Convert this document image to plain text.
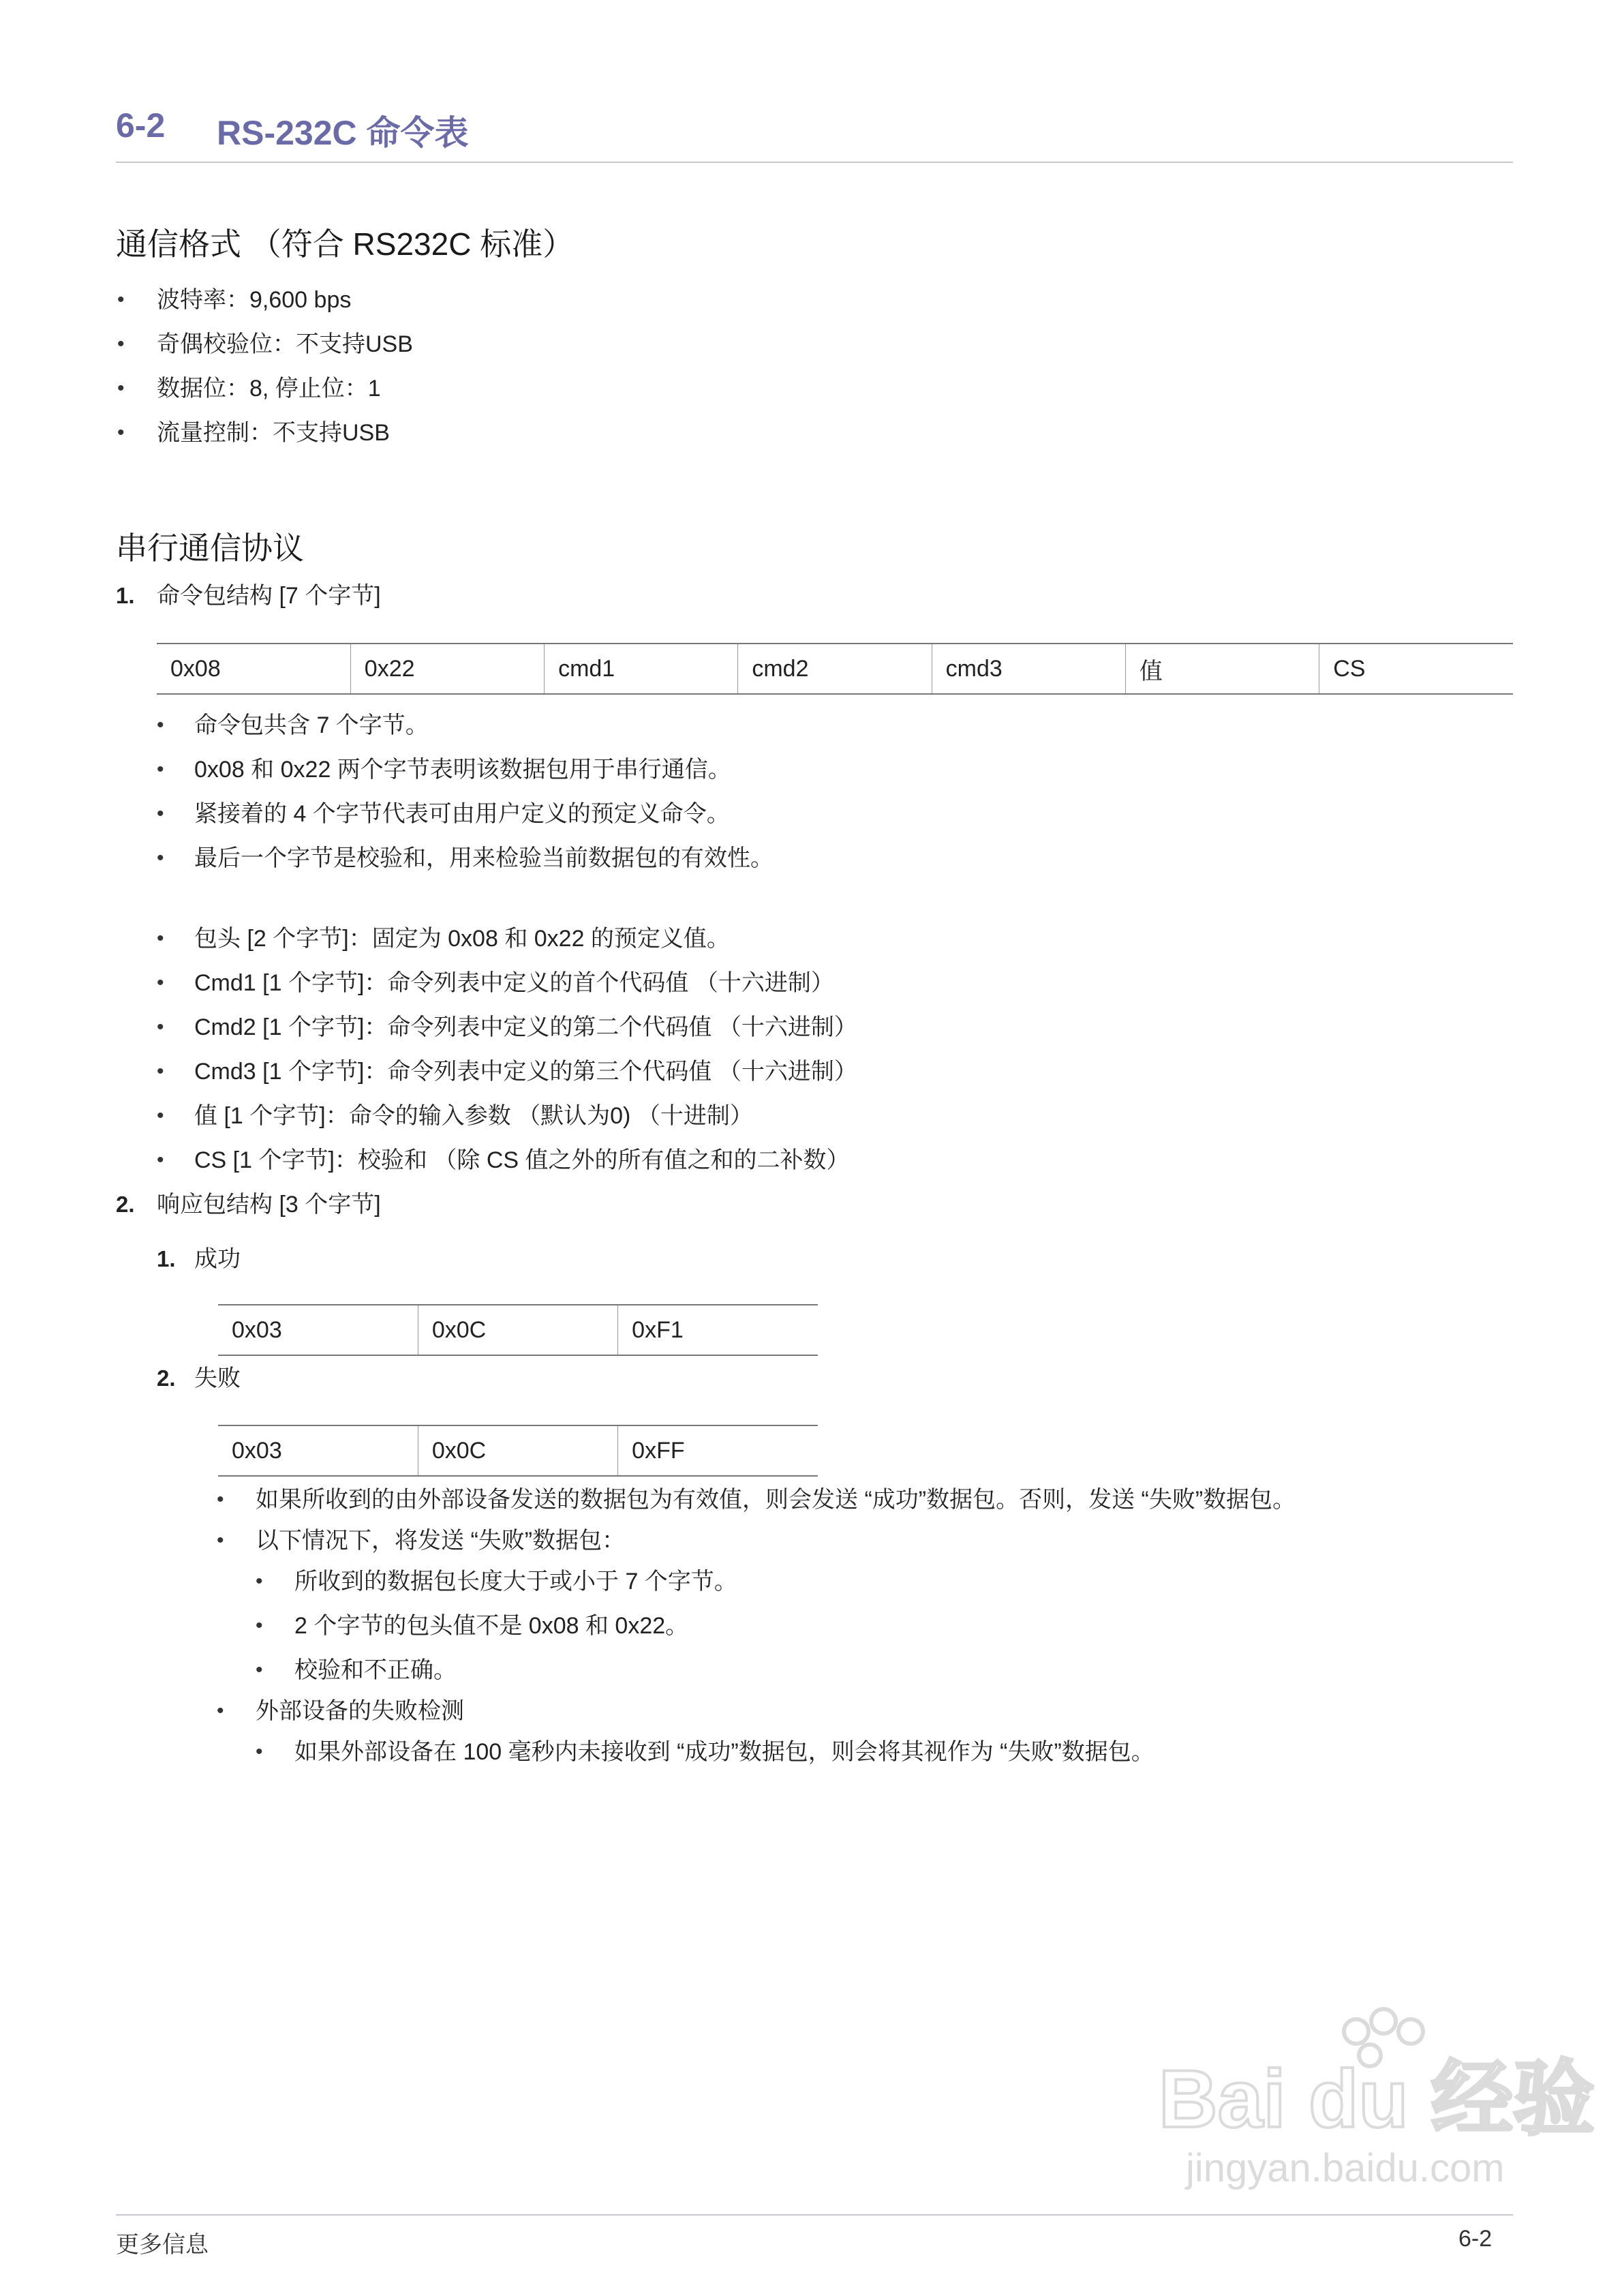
6-2 RS-232C 命令表
通信格式 （符合 RS232C 标准）
• 波特率：9,600 bps
• 奇偶校验位：不支持USB
• 数据位：8, 停止位：1
• 流量控制：不支持USB
串行通信协议
1. 命令包结构 [7 个字节]
0x08	0x22	cmd1	cmd2	cmd3	值	CS
• 命令包共含 7 个字节。
• 0x08 和 0x22 两个字节表明该数据包用于串行通信。
• 紧接着的 4 个字节代表可由用户定义的预定义命令。
• 最后一个字节是校验和，用来检验当前数据包的有效性。
• 包头 [2 个字节]：固定为 0x08 和 0x22 的预定义值。
• Cmd1 [1 个字节]：命令列表中定义的首个代码值 （十六进制）
• Cmd2 [1 个字节]：命令列表中定义的第二个代码值 （十六进制）
• Cmd3 [1 个字节]：命令列表中定义的第三个代码值 （十六进制）
• 值 [1 个字节]：命令的输入参数 （默认为0) （十进制）
• CS [1 个字节]：校验和 （除 CS 值之外的所有值之和的二补数）
2. 响应包结构 [3 个字节]
1. 成功
0x03	0x0C	0xF1
2. 失败
0x03	0x0C	0xFF
• 如果所收到的由外部设备发送的数据包为有效值，则会发送 “成功”数据包。否则，发送 “失败”数据包。
• 以下情况下，将发送 “失败”数据包：
• 所收到的数据包长度大于或小于 7 个字节。
• 2 个字节的包头值不是 0x08 和 0x22。
• 校验和不正确。
• 外部设备的失败检测
• 如果外部设备在 100 毫秒内未接收到 “成功”数据包，则会将其视作为 “失败”数据包。
Bai du 经验
jingyan.baidu.com
更多信息	6-2
